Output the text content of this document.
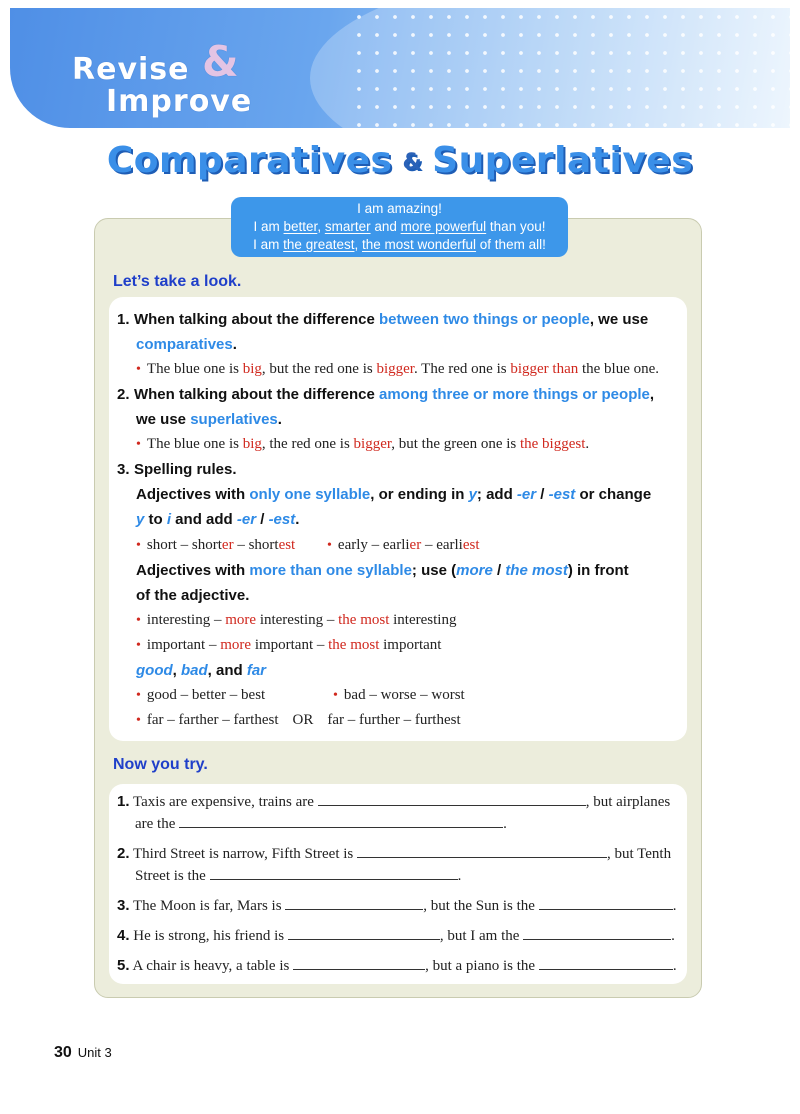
Revise &
Improve
Comparatives & Superlatives
I am amazing!
I am better, smarter and more powerful than you!
I am the greatest, the most wonderful of them all!
Let’s take a look.
1. When talking about the difference between two things or people, we use
comparatives.
• The blue one is big, but the red one is bigger. The red one is bigger than the blue one.
2. When talking about the difference among three or more things or people,
we use superlatives.
• The blue one is big, the red one is bigger, but the green one is the biggest.
3. Spelling rules.
Adjectives with only one syllable, or ending in y; add -er / -est or change
y to i and add -er / -est.
• short – shorter – shortest • early – earlier – earliest
Adjectives with more than one syllable; use (more / the most) in front
of the adjective.
• interesting – more interesting – the most interesting
• important – more important – the most important
good, bad, and far
• good – better – best	• bad – worse – worst
• far – farther – farthest OR far – further – furthest
Now you try.
1. Taxis are expensive, trains are	, but airplanes
are the	.
2. Third Street is narrow, Fifth Street is	, but Tenth
Street is the	.
3. The Moon is far, Mars is	, but the Sun is the	.
4. He is strong, his friend is	, but I am the	.
5. A chair is heavy, a table is	, but a piano is the	.
30 Unit 3
